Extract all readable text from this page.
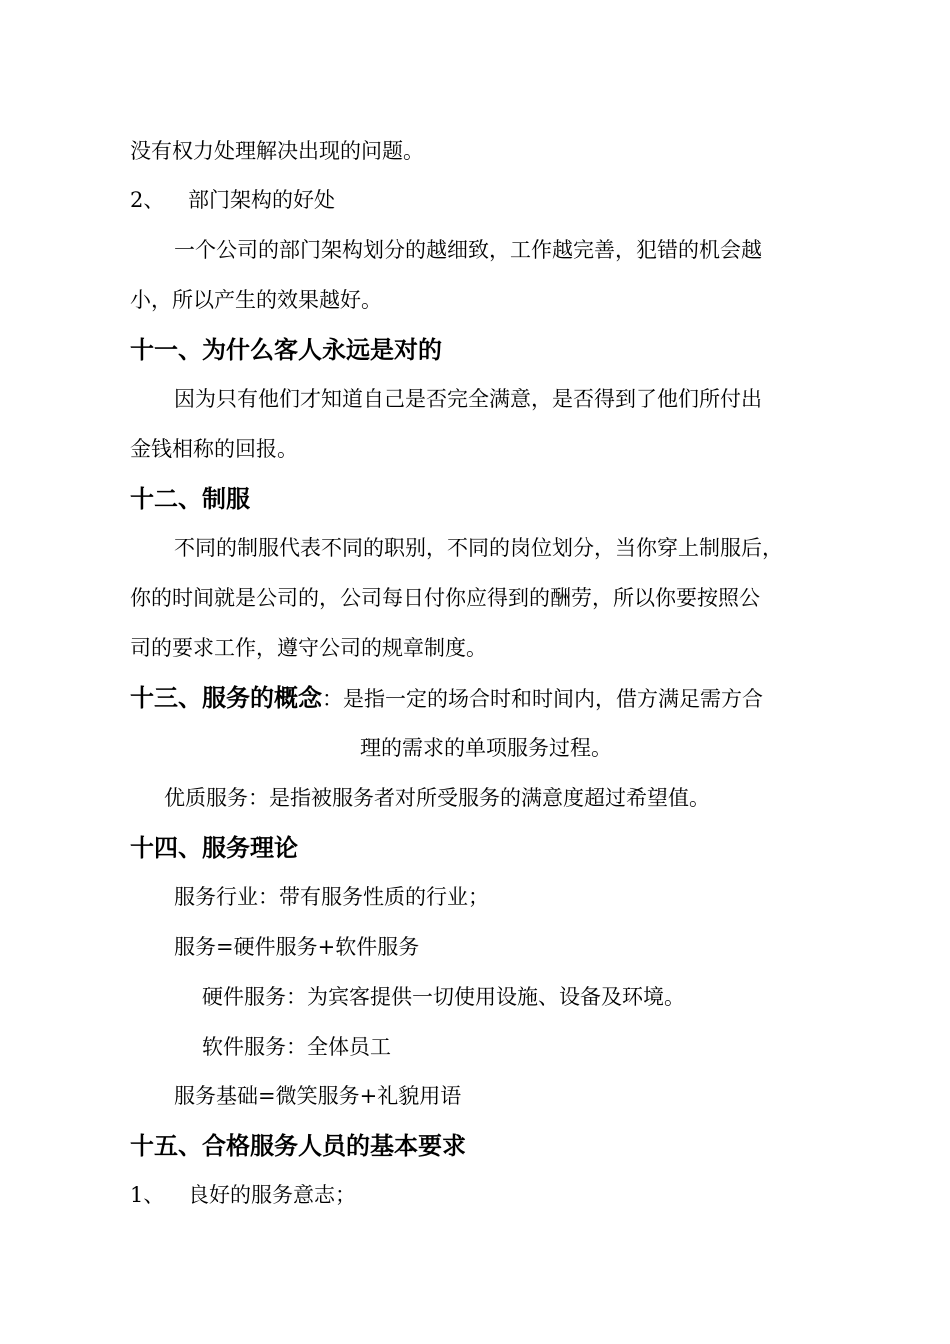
没有权力处理解决出现的问题。
2、 部门架构的好处
一个公司的部门架构划分的越细致，工作越完善，犯错的机会越
小，所以产生的效果越好。
十一、为什么客人永远是对的
因为只有他们才知道自己是否完全满意，是否得到了他们所付出
金钱相称的回报。
十二、制服
不同的制服代表不同的职别，不同的岗位划分，当你穿上制服后，
你的时间就是公司的，公司每日付你应得到的酬劳，所以你要按照公
司的要求工作，遵守公司的规章制度。
十三、服务的概念：是指一定的场合时和时间内，借方满足需方合
理的需求的单项服务过程。
优质服务：是指被服务者对所受服务的满意度超过希望值。
十四、服务理论
服务行业：带有服务性质的行业；
服务=硬件服务+软件服务
硬件服务：为宾客提供一切使用设施、设备及环境。
软件服务：全体员工
服务基础=微笑服务+礼貌用语
十五、合格服务人员的基本要求
1、 良好的服务意志；
